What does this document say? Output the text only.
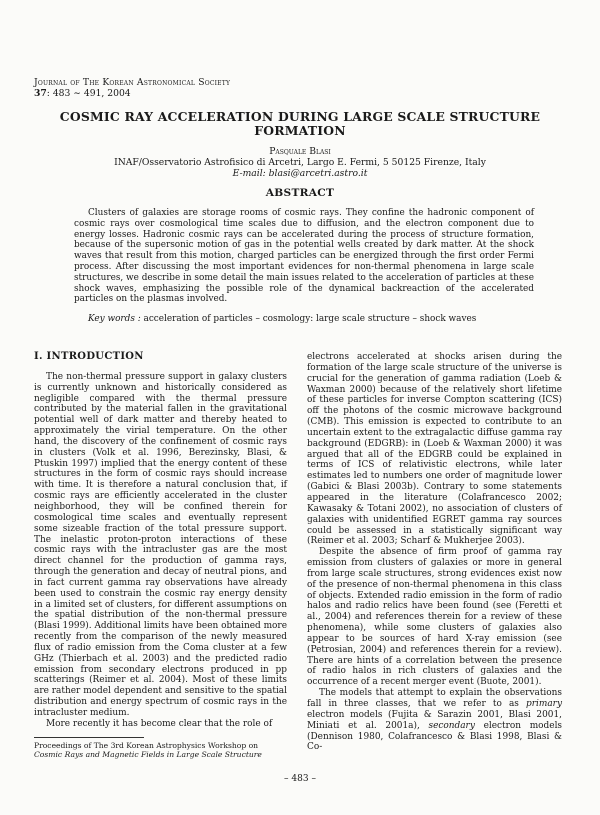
Journal of The Korean Astronomical Society
37: 483 ∼ 491, 2004
COSMIC RAY ACCELERATION DURING LARGE SCALE STRUCTURE
FORMATION
Pasquale Blasi
INAF/Osservatorio Astrofisico di Arcetri, Largo E. Fermi, 5 50125 Firenze, Italy
E-mail: blasi@arcetri.astro.it
ABSTRACT
Clusters of galaxies are storage rooms of cosmic rays. They confine the hadronic component of cosmic rays over cosmological time scales due to diffusion, and the electron component due to energy losses. Hadronic cosmic rays can be accelerated during the process of structure formation, because of the supersonic motion of gas in the potential wells created by dark matter. At the shock waves that result from this motion, charged particles can be energized through the first order Fermi process. After discussing the most important evidences for non-thermal phenomena in large scale structures, we describe in some detail the main issues related to the acceleration of particles at these shock waves, emphasizing the possible role of the dynamical backreaction of the accelerated particles on the plasmas involved.
Key words : acceleration of particles – cosmology: large scale structure – shock waves
I. INTRODUCTION

The non-thermal pressure support in galaxy clusters is currently unknown and historically considered as negligible compared with the thermal pressure contributed by the material fallen in the gravitational potential well of dark matter and thereby heated to approximately the virial temperature. On the other hand, the discovery of the confinement of cosmic rays in clusters (Volk et al. 1996, Berezinsky, Blasi, & Ptuskin 1997) implied that the energy content of these structures in the form of cosmic rays should increase with time. It is therefore a natural conclusion that, if cosmic rays are efficiently accelerated in the cluster neighborhood, they will be confined therein for cosmological time scales and eventually represent some sizeable fraction of the total pressure support. The inelastic proton-proton interactions of these cosmic rays with the intracluster gas are the most direct channel for the production of gamma rays, through the generation and decay of neutral pions, and in fact current gamma ray observations have already been used to constrain the cosmic ray energy density in a limited set of clusters, for different assumptions on the spatial distribution of the non-thermal pressure (Blasi 1999). Additional limits have been obtained more recently from the comparison of the newly measured flux of radio emission from the Coma cluster at a few GHz (Thierbach et al. 2003) and the predicted radio emission from secondary electrons produced in pp scatterings (Reimer et al. 2004). Most of these limits are rather model dependent and sensitive to the spatial distribution and energy spectrum of cosmic rays in the intracluster medium.

More recently it has become clear that the role of

electrons accelerated at shocks arisen during the formation of the large scale structure of the universe is crucial for the generation of gamma radiation (Loeb & Waxman 2000) because of the relatively short lifetime of these particles for inverse Compton scattering (ICS) off the photons of the cosmic microwave background (CMB). This emission is expected to contribute to an uncertain extent to the extragalactic diffuse gamma ray background (EDGRB): in (Loeb & Waxman 2000) it was argued that all of the EDGRB could be explained in terms of ICS of relativistic electrons, while later estimates led to numbers one order of magnitude lower (Gabici & Blasi 2003b). Contrary to some statements appeared in the literature (Colafrancesco 2002; Kawasaky & Totani 2002), no association of clusters of galaxies with unidentified EGRET gamma ray sources could be assessed in a statistically significant way (Reimer et al. 2003; Scharf & Mukherjee 2003).

Despite the absence of firm proof of gamma ray emission from clusters of galaxies or more in general from large scale structures, strong evidences exist now of the presence of non-thermal phenomena in this class of objects. Extended radio emission in the form of radio halos and radio relics have been found (see (Feretti et al., 2004) and references therein for a review of these phenomena), while some clusters of galaxies also appear to be sources of hard X-ray emission (see (Petrosian, 2004) and references therein for a review). There are hints of a correlation between the presence of radio halos in rich clusters of galaxies and the occurrence of a recent merger event (Buote, 2001).

The models that attempt to explain the observations fall in three classes, that we refer to as primary electron models (Fujita & Sarazin 2001, Blasi 2001, Miniati et al. 2001a), secondary electron models (Dennison 1980, Colafrancesco & Blasi 1998, Blasi & Co-

Proceedings of The 3rd Korean Astrophysics Workshop on
Cosmic Rays and Magnetic Fields in Large Scale Structure
– 483 –
